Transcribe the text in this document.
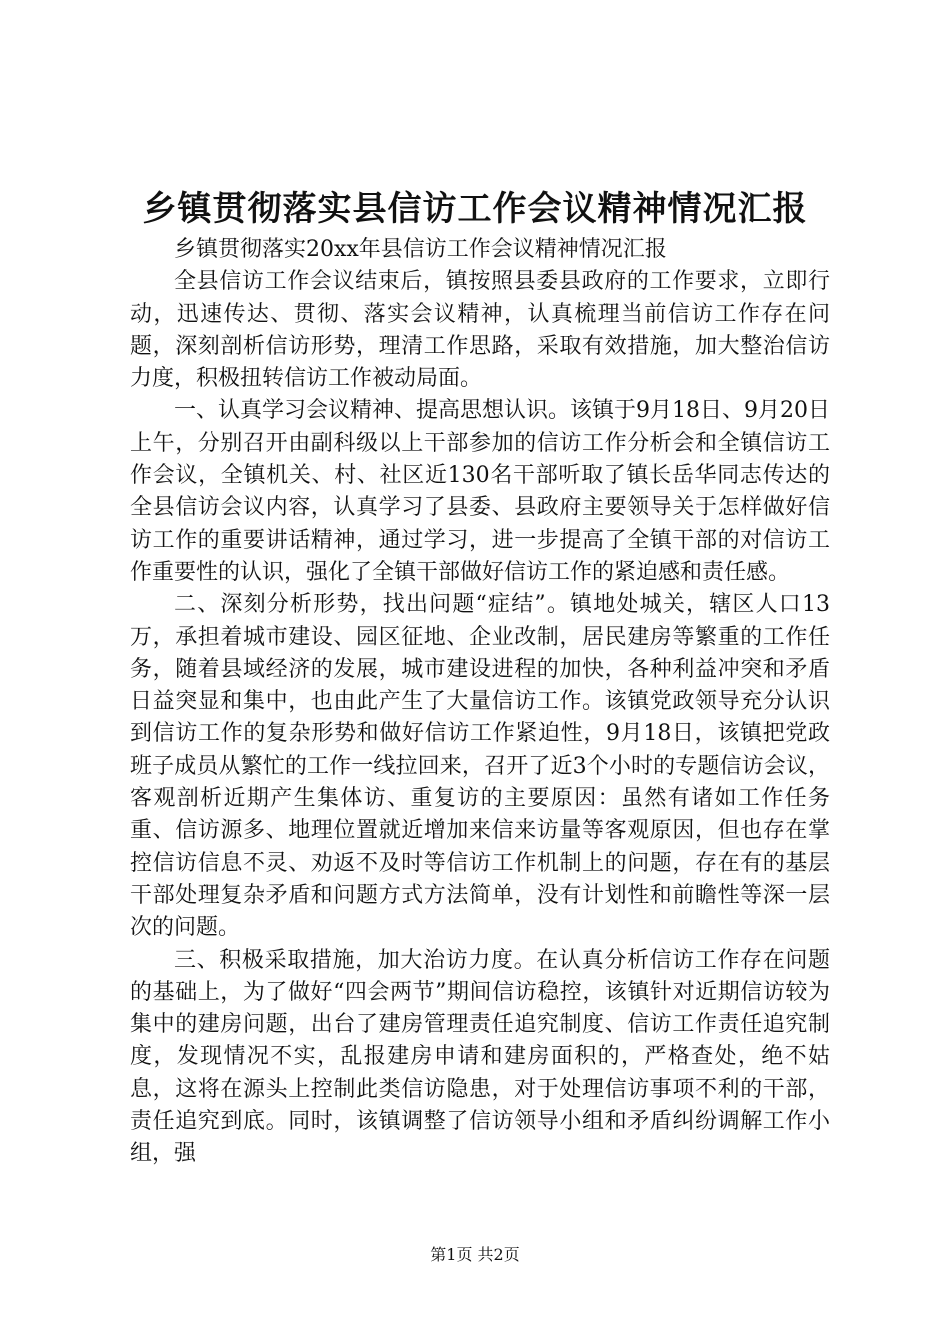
乡镇贯彻落实县信访工作会议精神情况汇报

乡镇贯彻落实20xx年县信访工作会议精神情况汇报

全县信访工作会议结束后，镇按照县委县政府的工作要求，立即行动，迅速传达、贯彻、落实会议精神，认真梳理当前信访工作存在问题，深刻剖析信访形势，理清工作思路，采取有效措施，加大整治信访力度，积极扭转信访工作被动局面。

一、认真学习会议精神、提高思想认识。该镇于9月18日、9月20日上午，分别召开由副科级以上干部参加的信访工作分析会和全镇信访工作会议，全镇机关、村、社区近130名干部听取了镇长岳华同志传达的全县信访会议内容，认真学习了县委、县政府主要领导关于怎样做好信访工作的重要讲话精神，通过学习，进一步提高了全镇干部的对信访工作重要性的认识，强化了全镇干部做好信访工作的紧迫感和责任感。

二、深刻分析形势，找出问题“症结”。镇地处城关，辖区人口13万，承担着城市建设、园区征地、企业改制，居民建房等繁重的工作任务，随着县域经济的发展，城市建设进程的加快，各种利益冲突和矛盾日益突显和集中，也由此产生了大量信访工作。该镇党政领导充分认识到信访工作的复杂形势和做好信访工作紧迫性，9月18日，该镇把党政班子成员从繁忙的工作一线拉回来，召开了近3个小时的专题信访会议，客观剖析近期产生集体访、重复访的主要原因：虽然有诸如工作任务重、信访源多、地理位置就近增加来信来访量等客观原因，但也存在掌控信访信息不灵、劝返不及时等信访工作机制上的问题，存在有的基层干部处理复杂矛盾和问题方式方法简单，没有计划性和前瞻性等深一层次的问题。

三、积极采取措施，加大治访力度。在认真分析信访工作存在问题的基础上，为了做好“四会两节”期间信访稳控，该镇针对近期信访较为集中的建房问题，出台了建房管理责任追究制度、信访工作责任追究制度，发现情况不实，乱报建房申请和建房面积的，严格查处，绝不姑息，这将在源头上控制此类信访隐患，对于处理信访事项不利的干部，责任追究到底。同时，该镇调整了信访领导小组和矛盾纠纷调解工作小组，强

第1页 共2页
